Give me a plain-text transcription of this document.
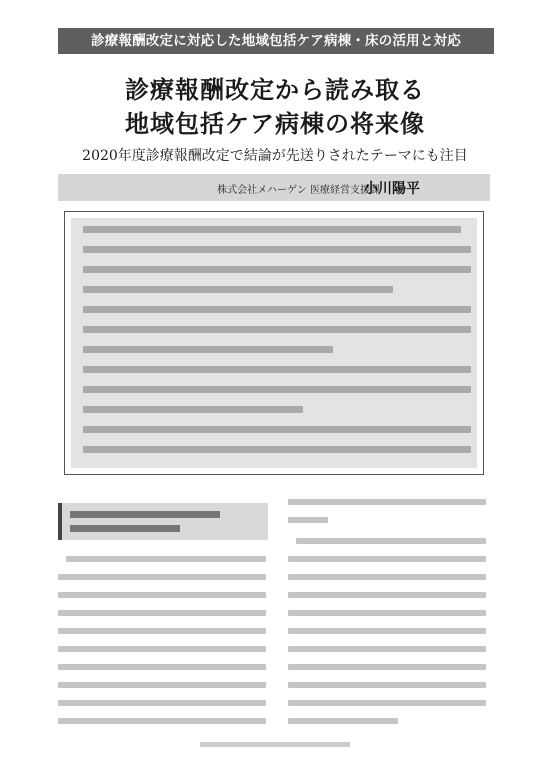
診療報酬改定に対応した地域包括ケア病棟・床の活用と対応
診療報酬改定から読み取る
地域包括ケア病棟の将来像
2020年度診療報酬改定で結論が先送りされたテーマにも注目
株式会社メハーゲン 医療経営支援課
小川陽平
